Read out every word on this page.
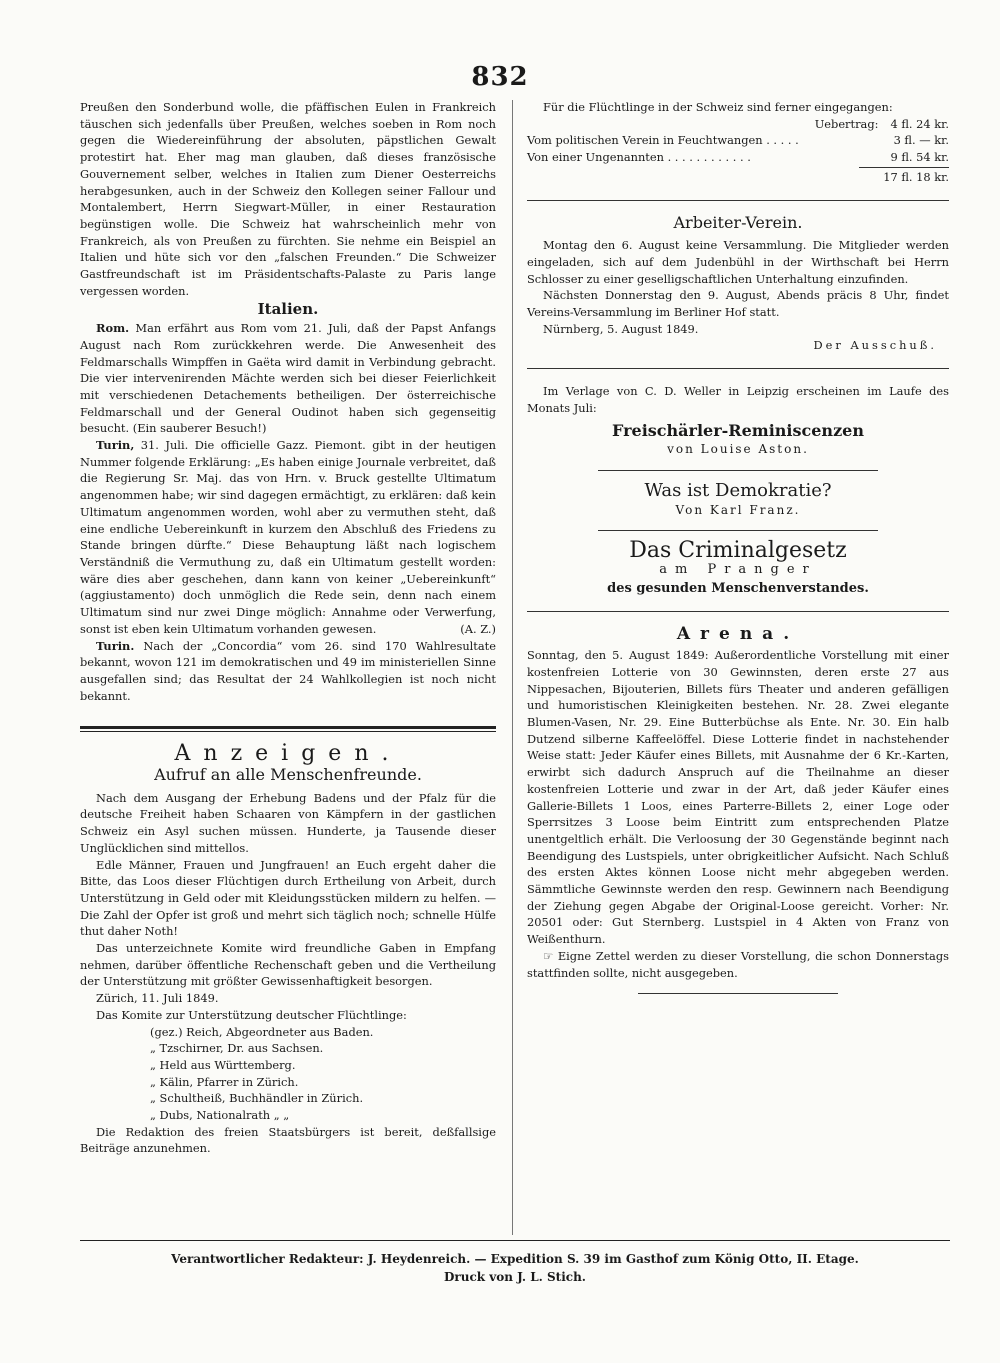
832

Preußen den Sonderbund wolle, die pfäffischen Eulen in Frankreich täuschen sich jedenfalls über Preußen, welches soeben in Rom noch gegen die Wiedereinführung der absoluten, päpstlichen Gewalt protestirt hat. Eher mag man glauben, daß dieses französische Gouvernement selber, welches in Italien zum Diener Oesterreichs herabgesunken, auch in der Schweiz den Kollegen seiner Fallour und Montalembert, Herrn Siegwart-Müller, in einer Restauration begünstigen wolle. Die Schweiz hat wahrscheinlich mehr von Frankreich, als von Preußen zu fürchten. Sie nehme ein Beispiel an Italien und hüte sich vor den „falschen Freunden.“ Die Schweizer Gastfreundschaft ist im Präsidentschafts-Palaste zu Paris lange vergessen worden.

Italien.

Rom. Man erfährt aus Rom vom 21. Juli, daß der Papst Anfangs August nach Rom zurückkehren werde. Die Anwesenheit des Feldmarschalls Wimpffen in Gaëta wird damit in Verbindung gebracht. Die vier intervenirenden Mächte werden sich bei dieser Feierlichkeit mit verschiedenen Detachements betheiligen. Der österreichische Feldmarschall und der General Oudinot haben sich gegenseitig besucht. (Ein sauberer Besuch!)

Turin, 31. Juli. Die officielle Gazz. Piemont. gibt in der heutigen Nummer folgende Erklärung: „Es haben einige Journale verbreitet, daß die Regierung Sr. Maj. das von Hrn. v. Bruck gestellte Ultimatum angenommen habe; wir sind dagegen ermächtigt, zu erklären: daß kein Ultimatum angenommen worden, wohl aber zu vermuthen steht, daß eine endliche Uebereinkunft in kurzem den Abschluß des Friedens zu Stande bringen dürfte.“ Diese Behauptung läßt nach logischem Verständniß die Vermuthung zu, daß ein Ultimatum gestellt worden: wäre dies aber geschehen, dann kann von keiner „Uebereinkunft“ (aggiustamento) doch unmöglich die Rede sein, denn nach einem Ultimatum sind nur zwei Dinge möglich: Annahme oder Verwerfung, sonst ist eben kein Ultimatum vorhanden gewesen.	(A. Z.)

Turin. Nach der „Concordia“ vom 26. sind 170 Wahlresultate bekannt, wovon 121 im demokratischen und 49 im ministeriellen Sinne ausgefallen sind; das Resultat der 24 Wahlkollegien ist noch nicht bekannt.

Anzeigen.
Aufruf an alle Menschenfreunde.

Nach dem Ausgang der Erhebung Badens und der Pfalz für die deutsche Freiheit haben Schaaren von Kämpfern in der gastlichen Schweiz ein Asyl suchen müssen. Hunderte, ja Tausende dieser Unglücklichen sind mittellos.

Edle Männer, Frauen und Jungfrauen! an Euch ergeht daher die Bitte, das Loos dieser Flüchtigen durch Ertheilung von Arbeit, durch Unterstützung in Geld oder mit Kleidungsstücken mildern zu helfen. — Die Zahl der Opfer ist groß und mehrt sich täglich noch; schnelle Hülfe thut daher Noth!

Das unterzeichnete Komite wird freundliche Gaben in Empfang nehmen, darüber öffentliche Rechenschaft geben und die Vertheilung der Unterstützung mit größter Gewissenhaftigkeit besorgen.

Zürich, 11. Juli 1849.

Das Komite zur Unterstützung deutscher Flüchtlinge:

(gez.) Reich, Abgeordneter aus Baden.
„ Tzschirner, Dr. aus Sachsen.
„ Held aus Württemberg.
„ Kälin, Pfarrer in Zürich.
„ Schultheiß, Buchhändler in Zürich.
„ Dubs, Nationalrath „ „

Die Redaktion des freien Staatsbürgers ist bereit, deßfallsige Beiträge anzunehmen.

Für die Flüchtlinge in der Schweiz sind ferner eingegangen:

Uebertrag: 4 fl. 24 kr.
Vom politischen Verein in Feuchtwangen . . . . .	3 fl. — kr.
Von einer Ungenannten . . . . . . . . . . . .	9 fl. 54 kr.
17 fl. 18 kr.
Arbeiter-Verein.

Montag den 6. August keine Versammlung. Die Mitglieder werden eingeladen, sich auf dem Judenbühl in der Wirthschaft bei Herrn Schlosser zu einer geselligschaftlichen Unterhaltung einzufinden.

Nächsten Donnerstag den 9. August, Abends präcis 8 Uhr, findet Vereins-Versammlung im Berliner Hof statt.

Nürnberg, 5. August 1849.

Der Ausschuß.

Im Verlage von C. D. Weller in Leipzig erscheinen im Laufe des Monats Juli:

Freischärler-Reminiscenzen
von Louise Aston.
Was ist Demokratie?
Von Karl Franz.
Das Criminalgesetz
am Pranger
des gesunden Menschenverstandes.
Arena.

Sonntag, den 5. August 1849: Außerordentliche Vorstellung mit einer kostenfreien Lotterie von 30 Gewinnsten, deren erste 27 aus Nippesachen, Bijouterien, Billets fürs Theater und anderen gefälligen und humoristischen Kleinigkeiten bestehen. Nr. 28. Zwei elegante Blumen-Vasen, Nr. 29. Eine Butterbüchse als Ente. Nr. 30. Ein halb Dutzend silberne Kaffeelöffel. Diese Lotterie findet in nachstehender Weise statt: Jeder Käufer eines Billets, mit Ausnahme der 6 Kr.-Karten, erwirbt sich dadurch Anspruch auf die Theilnahme an dieser kostenfreien Lotterie und zwar in der Art, daß jeder Käufer eines Gallerie-Billets 1 Loos, eines Parterre-Billets 2, einer Loge oder Sperrsitzes 3 Loose beim Eintritt zum entsprechenden Platze unentgeltlich erhält. Die Verloosung der 30 Gegenstände beginnt nach Beendigung des Lustspiels, unter obrigkeitlicher Aufsicht. Nach Schluß des ersten Aktes können Loose nicht mehr abgegeben werden. Sämmtliche Gewinnste werden den resp. Gewinnern nach Beendigung der Ziehung gegen Abgabe der Original-Loose gereicht. Vorher: Nr. 20501 oder: Gut Sternberg. Lustspiel in 4 Akten von Franz von Weißenthurn.

☞ Eigne Zettel werden zu dieser Vorstellung, die schon Donnerstags stattfinden sollte, nicht ausgegeben.

Verantwortlicher Redakteur: J. Heydenreich. — Expedition S. 39 im Gasthof zum König Otto, II. Etage.
Druck von J. L. Stich.
